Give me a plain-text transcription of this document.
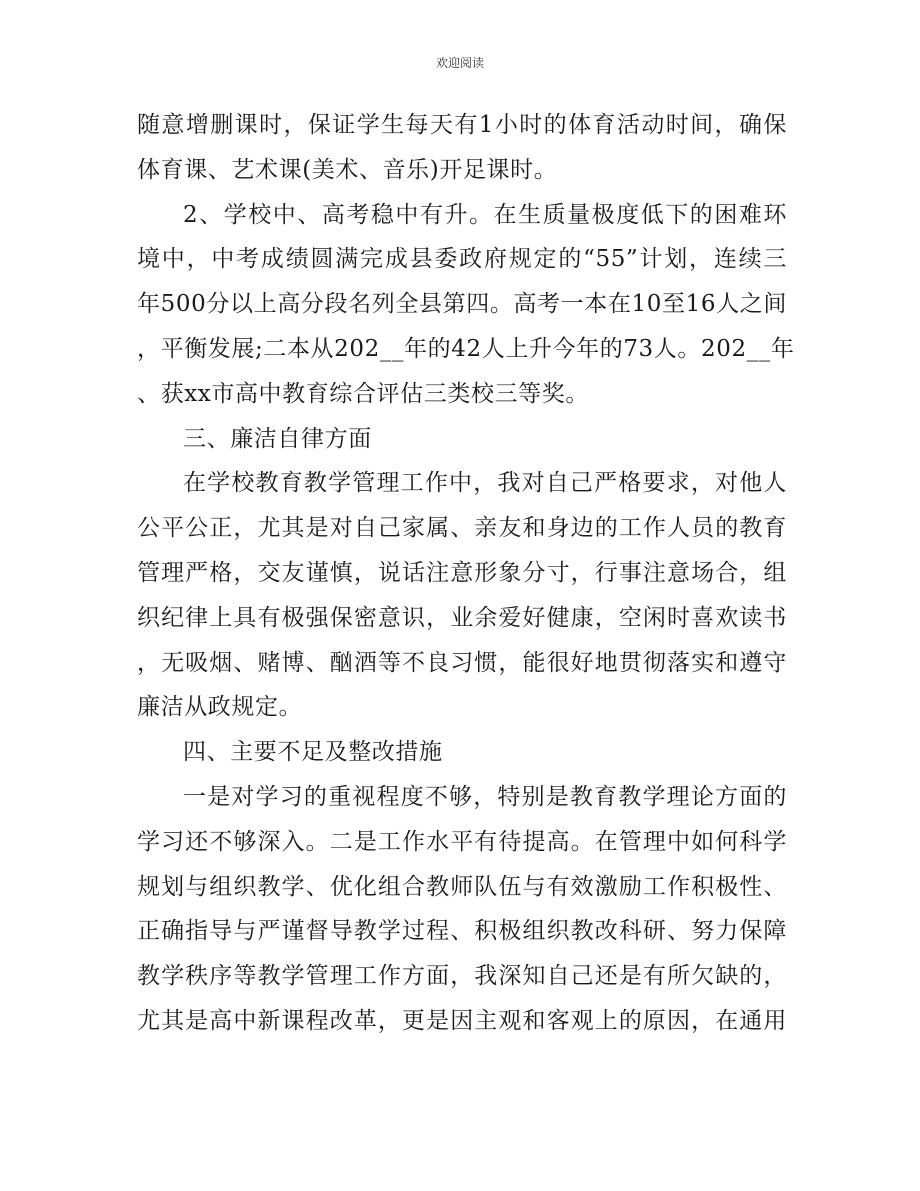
欢迎阅读
随意增删课时，保证学生每天有1小时的体育活动时间，确保
体育课、艺术课(美术、音乐)开足课时。
2、学校中、高考稳中有升。在生质量极度低下的困难环
境中，中考成绩圆满完成县委政府规定的“55”计划，连续三
年500分以上高分段名列全县第四。高考一本在10至16人之间
，平衡发展;二本从202__年的42人上升今年的73人。202__年
、获xx市高中教育综合评估三类校三等奖。
三、廉洁自律方面
在学校教育教学管理工作中，我对自己严格要求，对他人
公平公正，尤其是对自己家属、亲友和身边的工作人员的教育
管理严格，交友谨慎，说话注意形象分寸，行事注意场合，组
织纪律上具有极强保密意识，业余爱好健康，空闲时喜欢读书
，无吸烟、赌博、酗酒等不良习惯，能很好地贯彻落实和遵守
廉洁从政规定。
四、主要不足及整改措施
一是对学习的重视程度不够，特别是教育教学理论方面的
学习还不够深入。二是工作水平有待提高。在管理中如何科学
规划与组织教学、优化组合教师队伍与有效激励工作积极性、
正确指导与严谨督导教学过程、积极组织教改科研、努力保障
教学秩序等教学管理工作方面，我深知自己还是有所欠缺的，
尤其是高中新课程改革，更是因主观和客观上的原因，在通用
